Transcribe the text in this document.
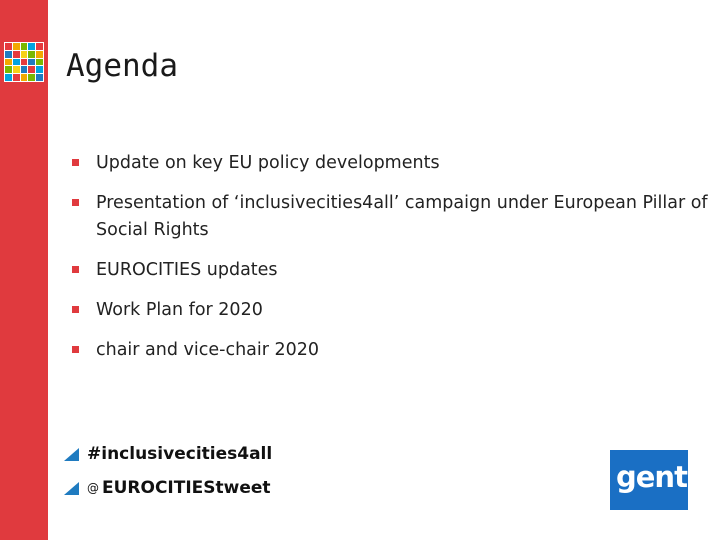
Agenda
Update on key EU policy developments
Presentation of ‘inclusivecities4all’ campaign under European Pillar of Social Rights
EUROCITIES updates
Work Plan for 2020
chair and vice-chair 2020
#inclusivecities4all
@ EUROCITIEStweet	gent:
